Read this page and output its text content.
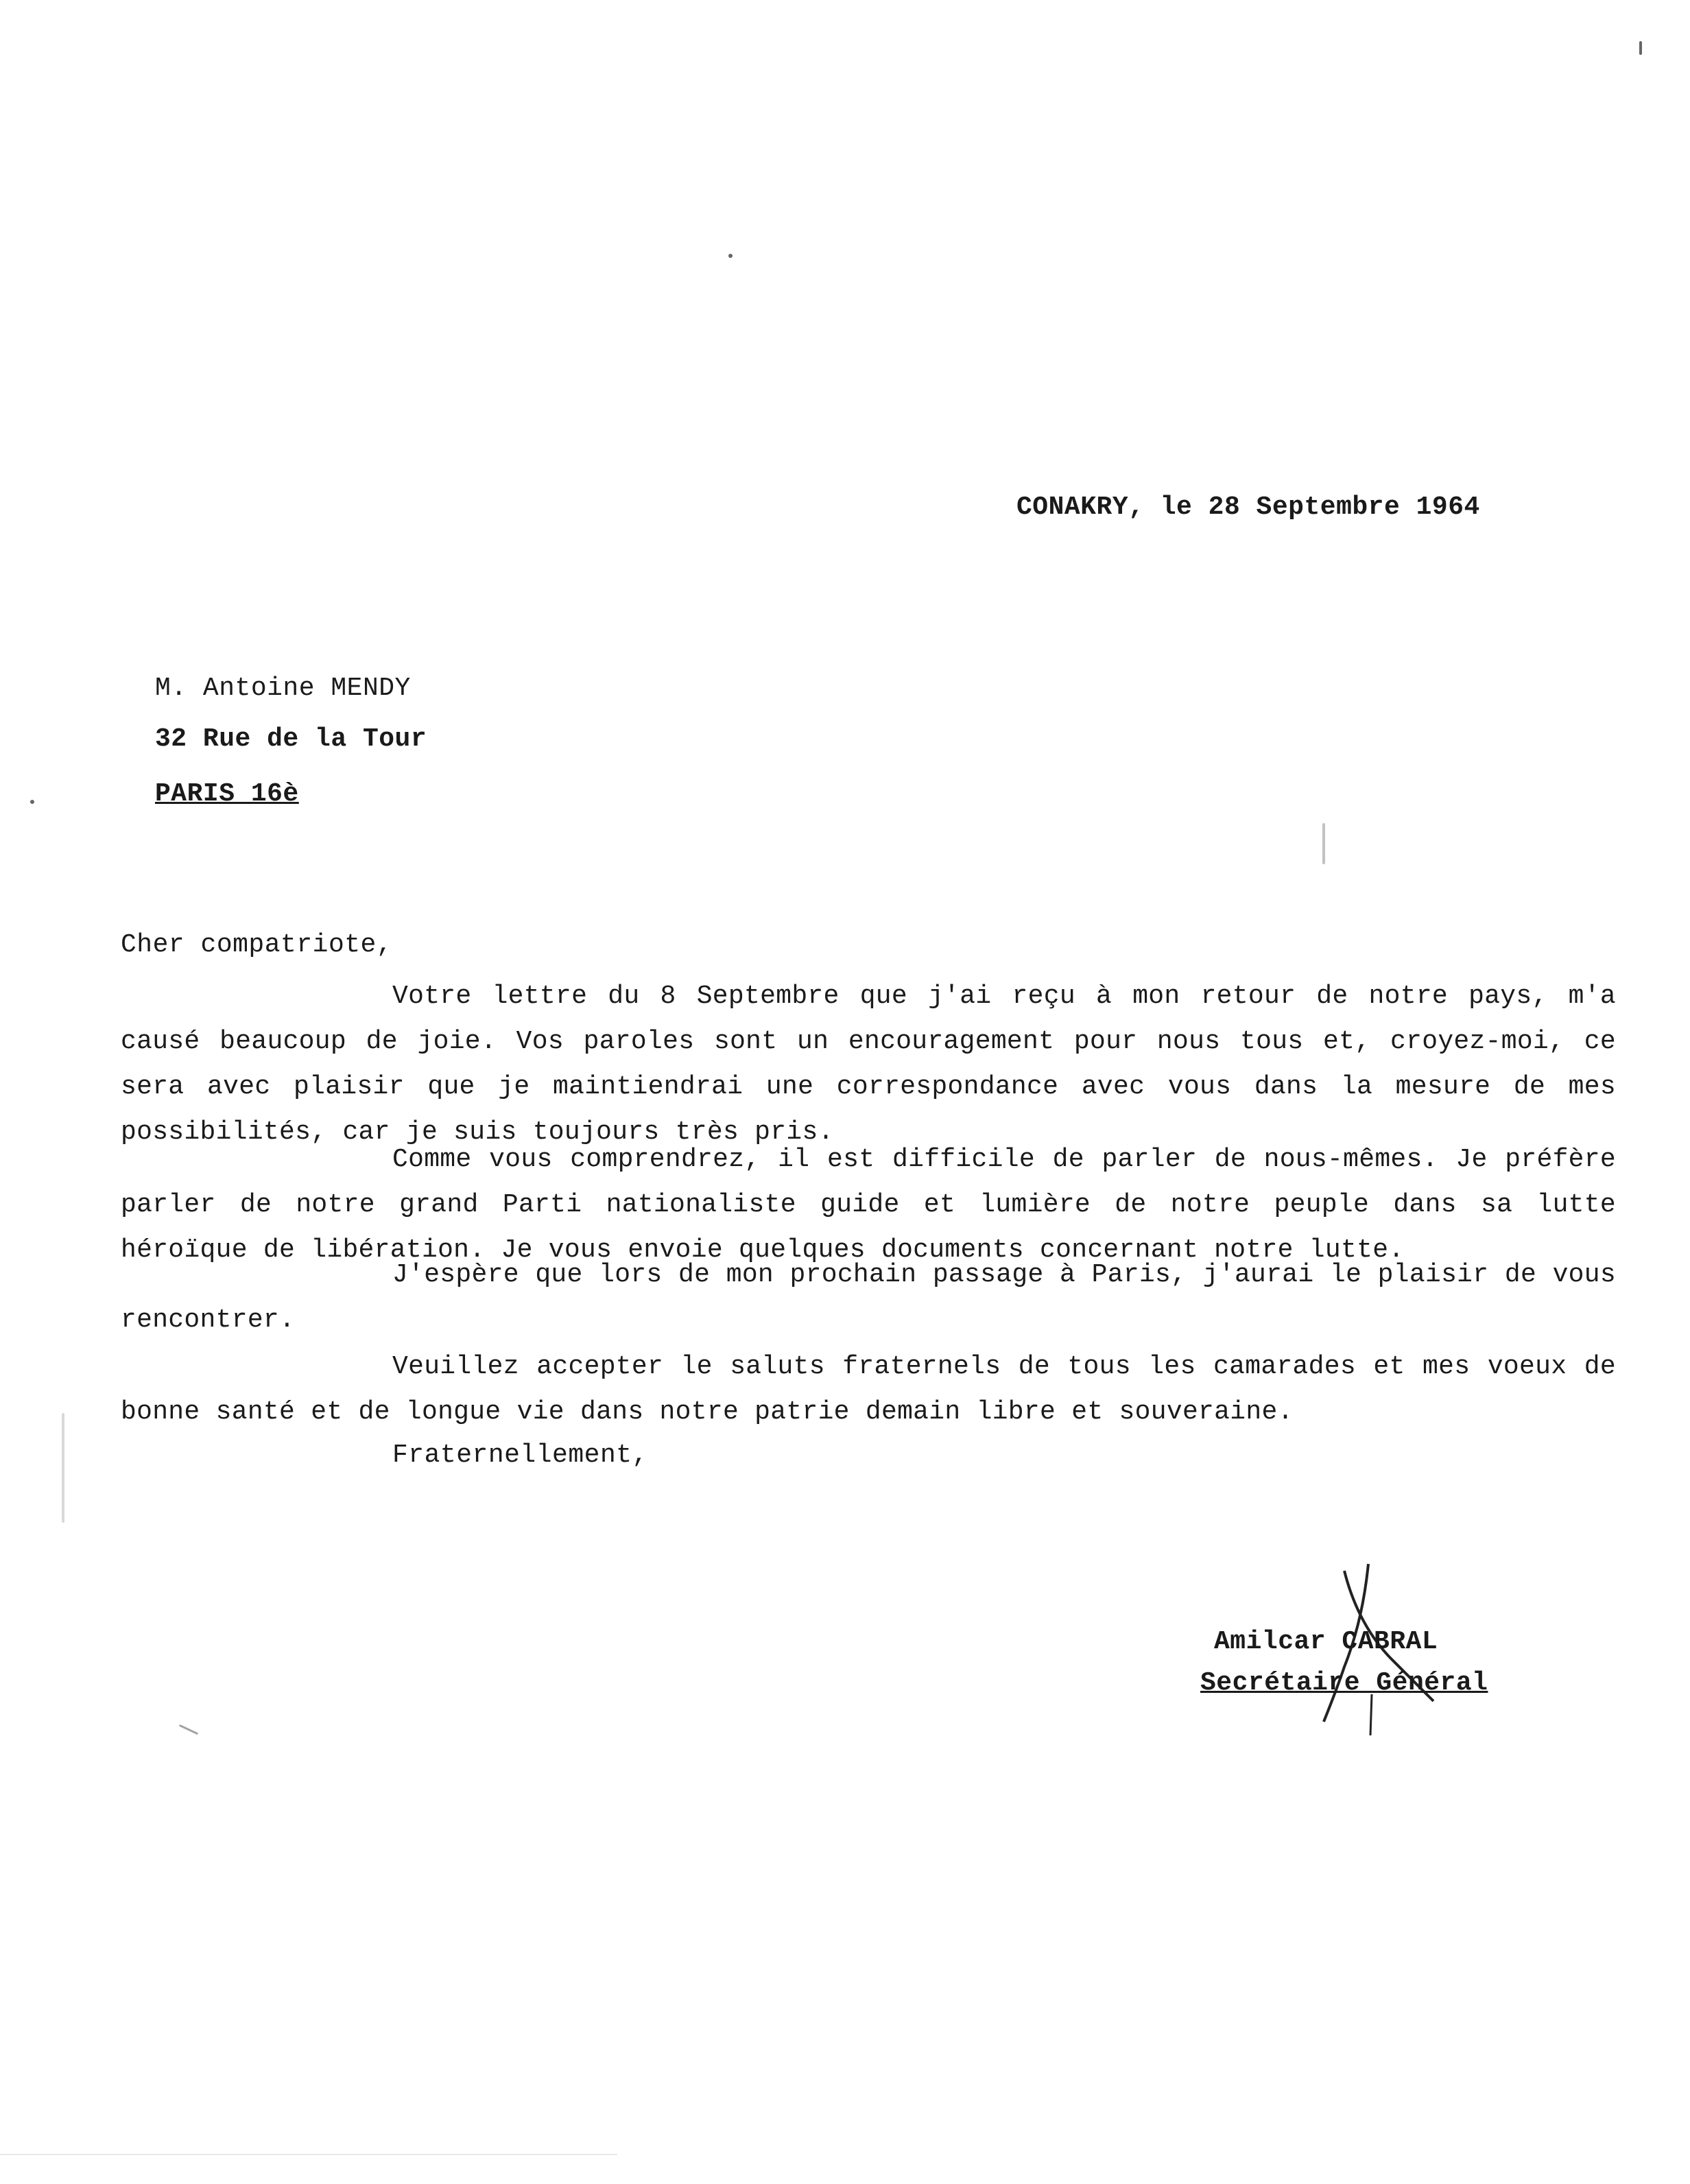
CONAKRY, le 28 Septembre 1964
M. Antoine MENDY
32 Rue de la Tour
PARIS 16è
Cher compatriote,
Votre lettre du 8 Septembre que j'ai reçu à mon retour de notre pays, m'a causé beaucoup de joie. Vos paroles sont un encouragement pour nous tous et, croyez-moi, ce sera avec plaisir que je maintiendrai une correspondance avec vous dans la mesure de mes possibilités, car je suis toujours très pris.
Comme vous comprendrez, il est difficile de parler de nous-mêmes. Je préfère parler de notre grand Parti nationaliste guide et lumière de notre peuple dans sa lutte héroïque de libération. Je vous envoie quelques documents concernant notre lutte.
J'espère que lors de mon prochain passage à Paris, j'aurai le plaisir de vous rencontrer.
Veuillez accepter le saluts fraternels de tous les camarades et mes voeux de bonne santé et de longue vie dans notre patrie demain libre et souveraine.
Fraternellement,
Amilcar CABRAL
Secrétaire Général
